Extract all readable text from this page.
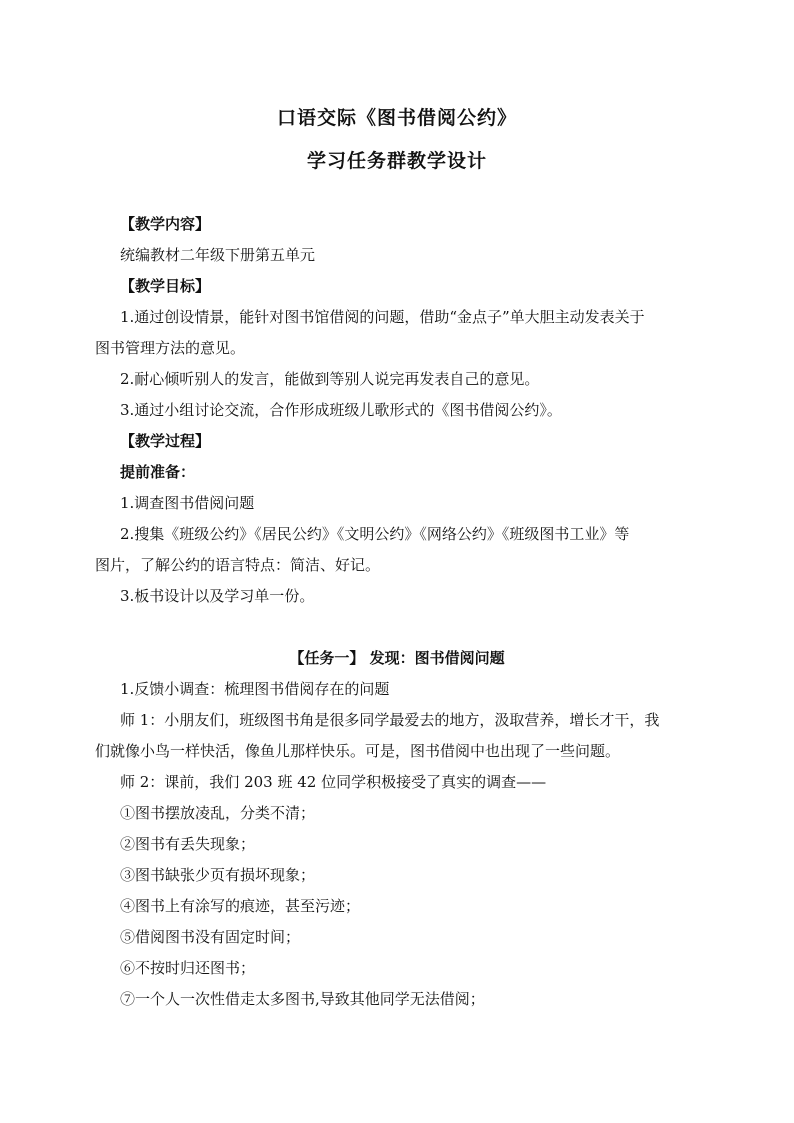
口语交际《图书借阅公约》
学习任务群教学设计
【教学内容】
统编教材二年级下册第五单元
【教学目标】
1.通过创设情景，能针对图书馆借阅的问题，借助“金点子”单大胆主动发表关于
图书管理方法的意见。
2.耐心倾听别人的发言，能做到等别人说完再发表自己的意见。
3.通过小组讨论交流，合作形成班级儿歌形式的《图书借阅公约》。
【教学过程】
提前准备：
1.调查图书借阅问题
2.搜集《班级公约》《居民公约》《文明公约》《网络公约》《班级图书工业》等
图片，了解公约的语言特点：简洁、好记。
3.板书设计以及学习单一份。
【任务一】 发现：图书借阅问题
1.反馈小调查：梳理图书借阅存在的问题
师 1：小朋友们，班级图书角是很多同学最爱去的地方，汲取营养，增长才干，我
们就像小鸟一样快活，像鱼儿那样快乐。可是，图书借阅中也出现了一些问题。
师 2：课前，我们 203 班 42 位同学积极接受了真实的调查——
①图书摆放凌乱，分类不清；
②图书有丢失现象；
③图书缺张少页有损坏现象；
④图书上有涂写的痕迹，甚至污迹；
⑤借阅图书没有固定时间；
⑥不按时归还图书；
⑦一个人一次性借走太多图书,导致其他同学无法借阅；
